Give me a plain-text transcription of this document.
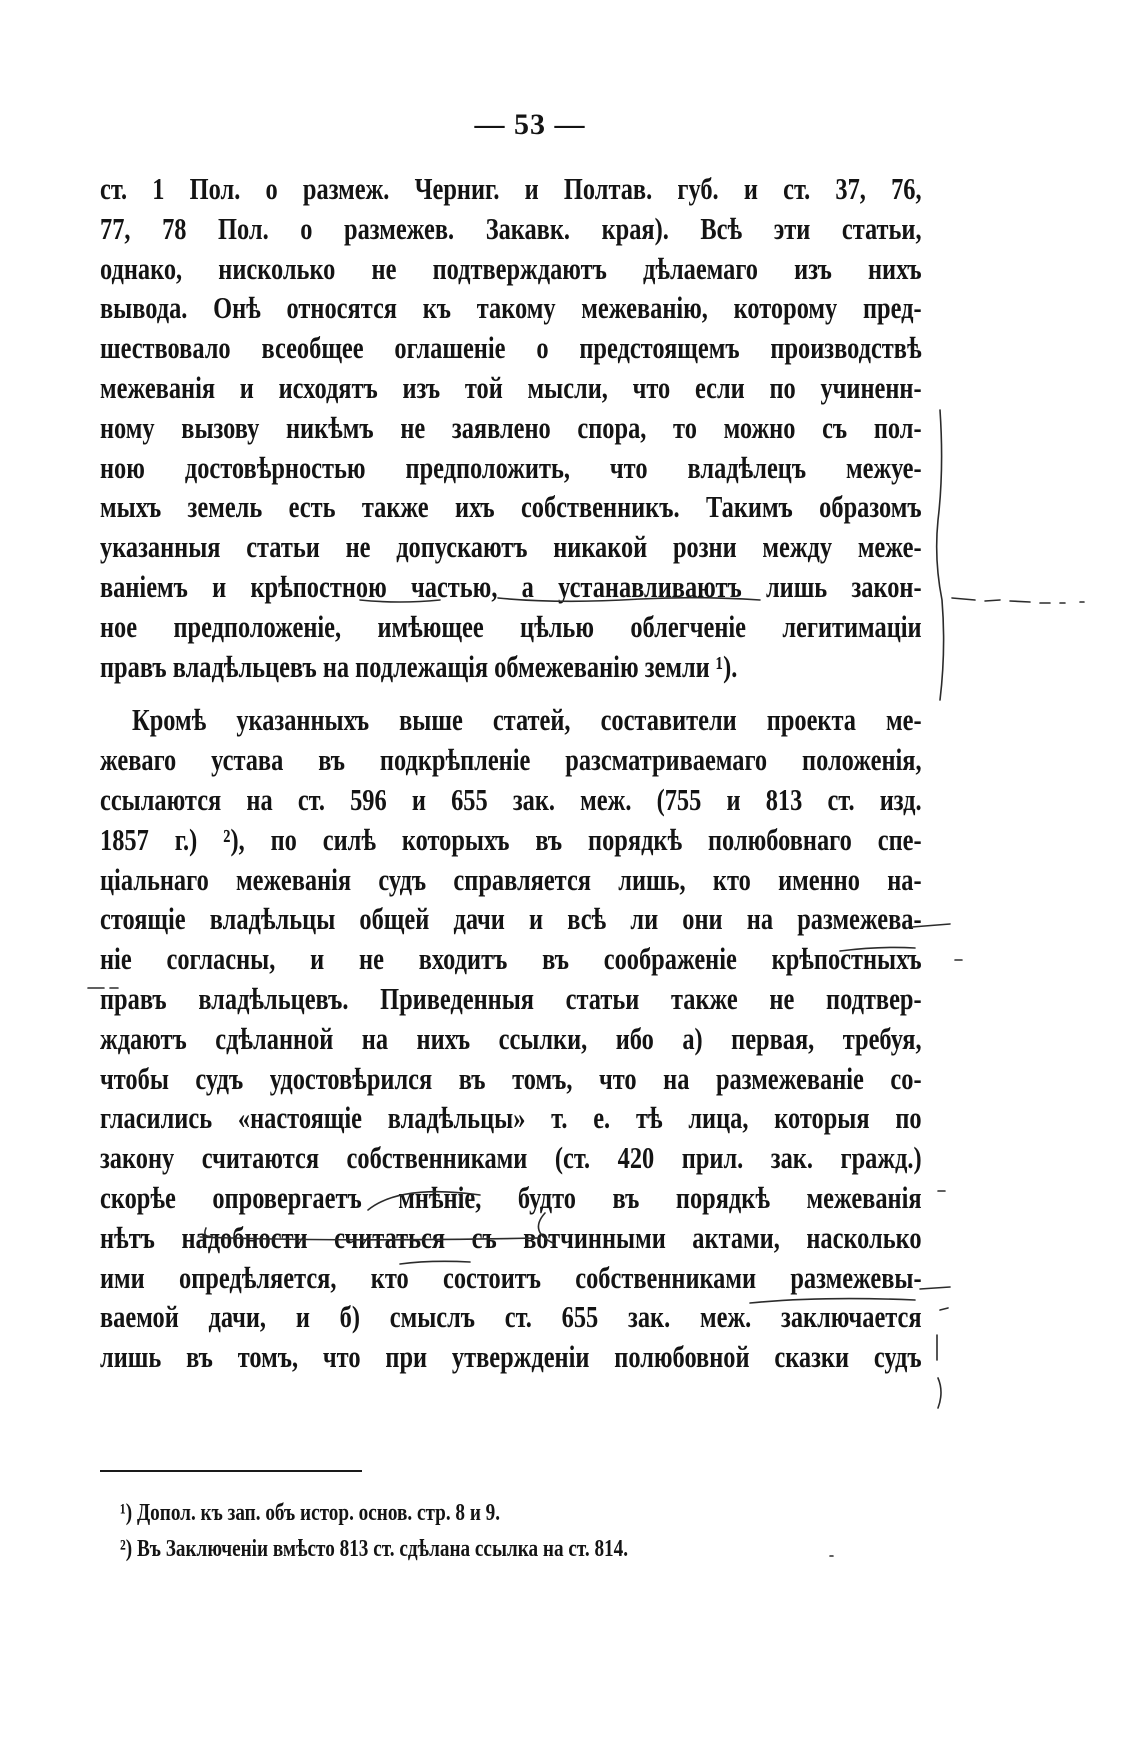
— 53 —
ст. 1 Пол. о размеж. Черниг. и Полтав. губ. и ст. 37, 76,
77, 78 Пол. о размежев. Закавк. края). Всѣ эти статьи,
однако, нисколько не подтверждаютъ дѣлаемаго изъ нихъ
вывода. Онѣ относятся къ такому межеванію, которому пред-
шествовало всеобщее оглашеніе о предстоящемъ производствѣ
межеванія и исходятъ изъ той мысли, что если по учиненн-
ному вызову никѣмъ не заявлено спора, то можно съ пол-
ною достовѣрностью предположить, что владѣлецъ межуе-
мыхъ земель есть также ихъ собственникъ. Такимъ образомъ
указанныя статьи не допускаютъ никакой розни между меже-
ваніемъ и крѣпостною частью, а устанавливаютъ лишь закон-
ное предположеніе, имѣющее цѣлью облегченіе легитимаціи
правъ владѣльцевъ на подлежащія обмежеванію земли ¹).
Кромѣ указанныхъ выше статей, составители проекта ме-
жеваго устава въ подкрѣпленіе разсматриваемаго положенія,
ссылаются на ст. 596 и 655 зак. меж. (755 и 813 ст. изд.
1857 г.) ²), по силѣ которыхъ въ порядкѣ полюбовнаго спе-
ціальнаго межеванія судъ справляется лишь, кто именно на-
стоящіе владѣльцы общей дачи и всѣ ли они на размежева-
ніе согласны, и не входитъ въ соображеніе крѣпостныхъ
правъ владѣльцевъ. Приведенныя статьи также не подтвер-
ждаютъ сдѣланной на нихъ ссылки, ибо а) первая, требуя,
чтобы судъ удостовѣрился въ томъ, что на размежеваніе со-
гласились «настоящіе владѣльцы» т. е. тѣ лица, которыя по
закону считаются собственниками (ст. 420 прил. зак. гражд.)
скорѣе опровергаетъ мнѣніе, будто въ порядкѣ межеванія
нѣтъ надобности считаться съ вотчинными актами, насколько
ими опредѣляется, кто состоитъ собственниками размежевы-
ваемой дачи, и б) смыслъ ст. 655 зак. меж. заключается
лишь въ томъ, что при утвержденіи полюбовной сказки судъ
¹) Допол. къ зап. объ истор. основ. стр. 8 и 9.
²) Въ Заключеніи вмѣсто 813 ст. сдѣлана ссылка на ст. 814.
